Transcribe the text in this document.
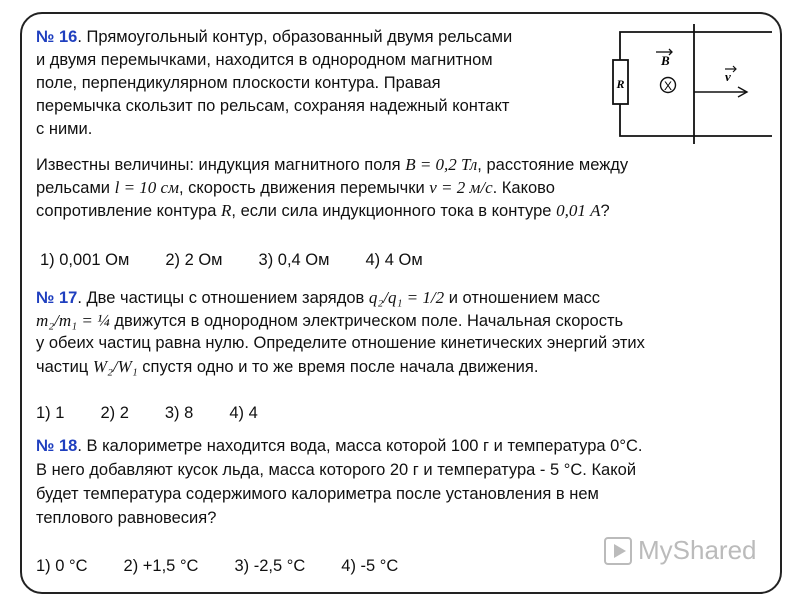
№ 16. Прямоугольный контур, образованный двумя рельсами
и двумя перемычками, находится в однородном магнитном
поле, перпендикулярном плоскости контура. Правая
перемычка скользит по рельсам, сохраняя надежный контакт
с ними.
Известны величины: индукция магнитного поля B = 0,2 Тл, расстояние между
рельсами l = 10 см, скорость движения перемычки v = 2 м/с. Каково
сопротивление контура R, если сила индукционного тока в контуре 0,01 А?
1) 0,001 Ом 2) 2 Ом 3) 0,4 Ом 4) 4 Ом
R
B
X
v
№ 17. Две частицы с отношением зарядов q₂/q₁ = 1/2 и отношением масс
m₂/m₁ = ¼ движутся в однородном электрическом поле. Начальная скорость
у обеих частиц равна нулю. Определите отношение кинетических энергий этих
частиц W₂/W₁ спустя одно и то же время после начала движения.
1) 1 2) 2 3) 8 4) 4
№ 18. В калориметре находится вода, масса которой 100 г и температура 0°С.
В него добавляют кусок льда, масса которого 20 г и температура - 5 °С. Какой
будет температура содержимого калориметра после установления в нем
теплового равновесия?
1) 0 °С 2) +1,5 °С 3) -2,5 °С 4) -5 °С
MyShared
